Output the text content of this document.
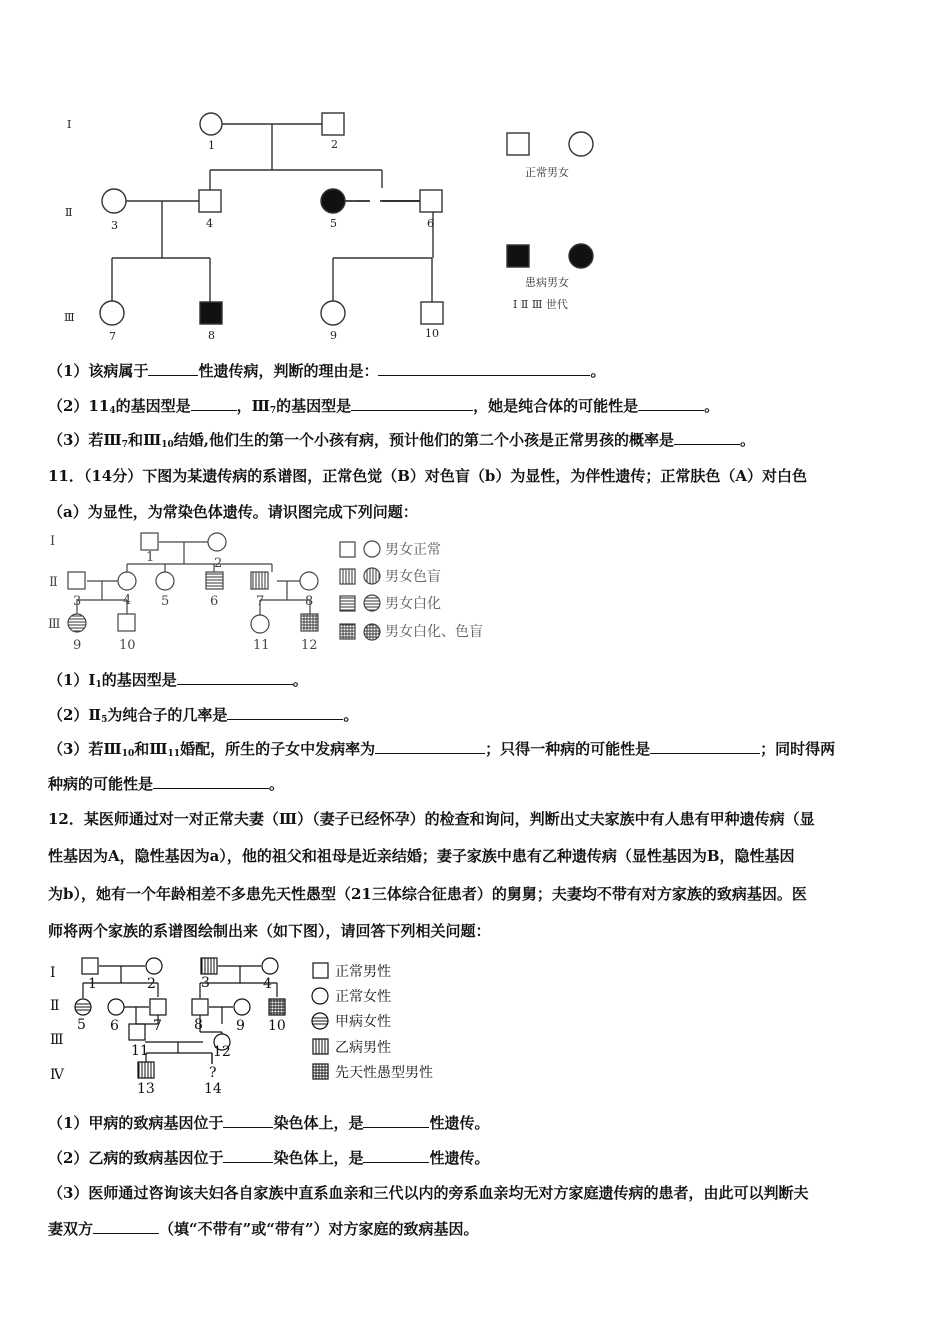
Ⅰ
Ⅱ
Ⅲ
1	2
3	4	5	6
7	8	9	10
正常男女
患病男女
Ⅰ Ⅱ Ⅲ 世代
（1）该病属于	性遗传病，判断的理由是：	。
$(2)11_4$的基因型是	，$Ⅲ_7$的基因型是	，她是纯合体的可能性是	。
（3）若$Ⅲ_7$和$Ⅲ_{10}$结婚,他们生的第一个小孩有病，预计他们的第二个小孩是正常男孩的概率是	。
11．（14分）下图为某遗传病的系谱图，正常色觉（B）对色盲（b）为显性，为伴性遗传；正常肤色（A）对白色
（a）为显性，为常染色体遗传。请识图完成下列问题：
Ⅰ
Ⅱ
Ⅲ
1	2
3	4 5	6	7	8
9	10	11 12
男女正常
男女色盲
男女白化
男女白化、色盲
$(1)Ⅰ_1$的基因型是	。
$(2)Ⅱ_5$为纯合子的几率是	。
（3）若$Ⅲ_{10}$和$Ⅲ_{11}$婚配，所生的子女中发病率为	；只得一种病的可能性是	；同时得两
种病的可能性是	。
12．某医师通过对一对正常夫妻（Ⅲ）（妻子已经怀孕）的检查和询问，判断出丈夫家族中有人患有甲种遗传病（显
性基因为A，隐性基因为a），他的祖父和祖母是近亲结婚；妻子家族中患有乙种遗传病（显性基因为B，隐性基因
为b），她有一个年龄相差不多患先天性愚型（21三体综合征患者）的舅舅；夫妻均不带有对方家族的致病基因。医
师将两个家族的系谱图绘制出来（如下图），请回答下列相关问题：
Ⅰ
Ⅱ
Ⅲ
Ⅳ
1	2	3	4
5 6 7 8 9 10
11	12
13
?
14
正常男性
正常女性
甲病女性
乙病男性
先天性愚型男性
（1）甲病的致病基因位于	染色体上，是	性遗传。
（2）乙病的致病基因位于	染色体上，是	性遗传。
（3）医师通过咨询该夫妇各自家族中直系血亲和三代以内的旁系血亲均无对方家庭遗传病的患者，由此可以判断夫
妻双方	（填“不带有”或“带有”）对方家庭的致病基因。
